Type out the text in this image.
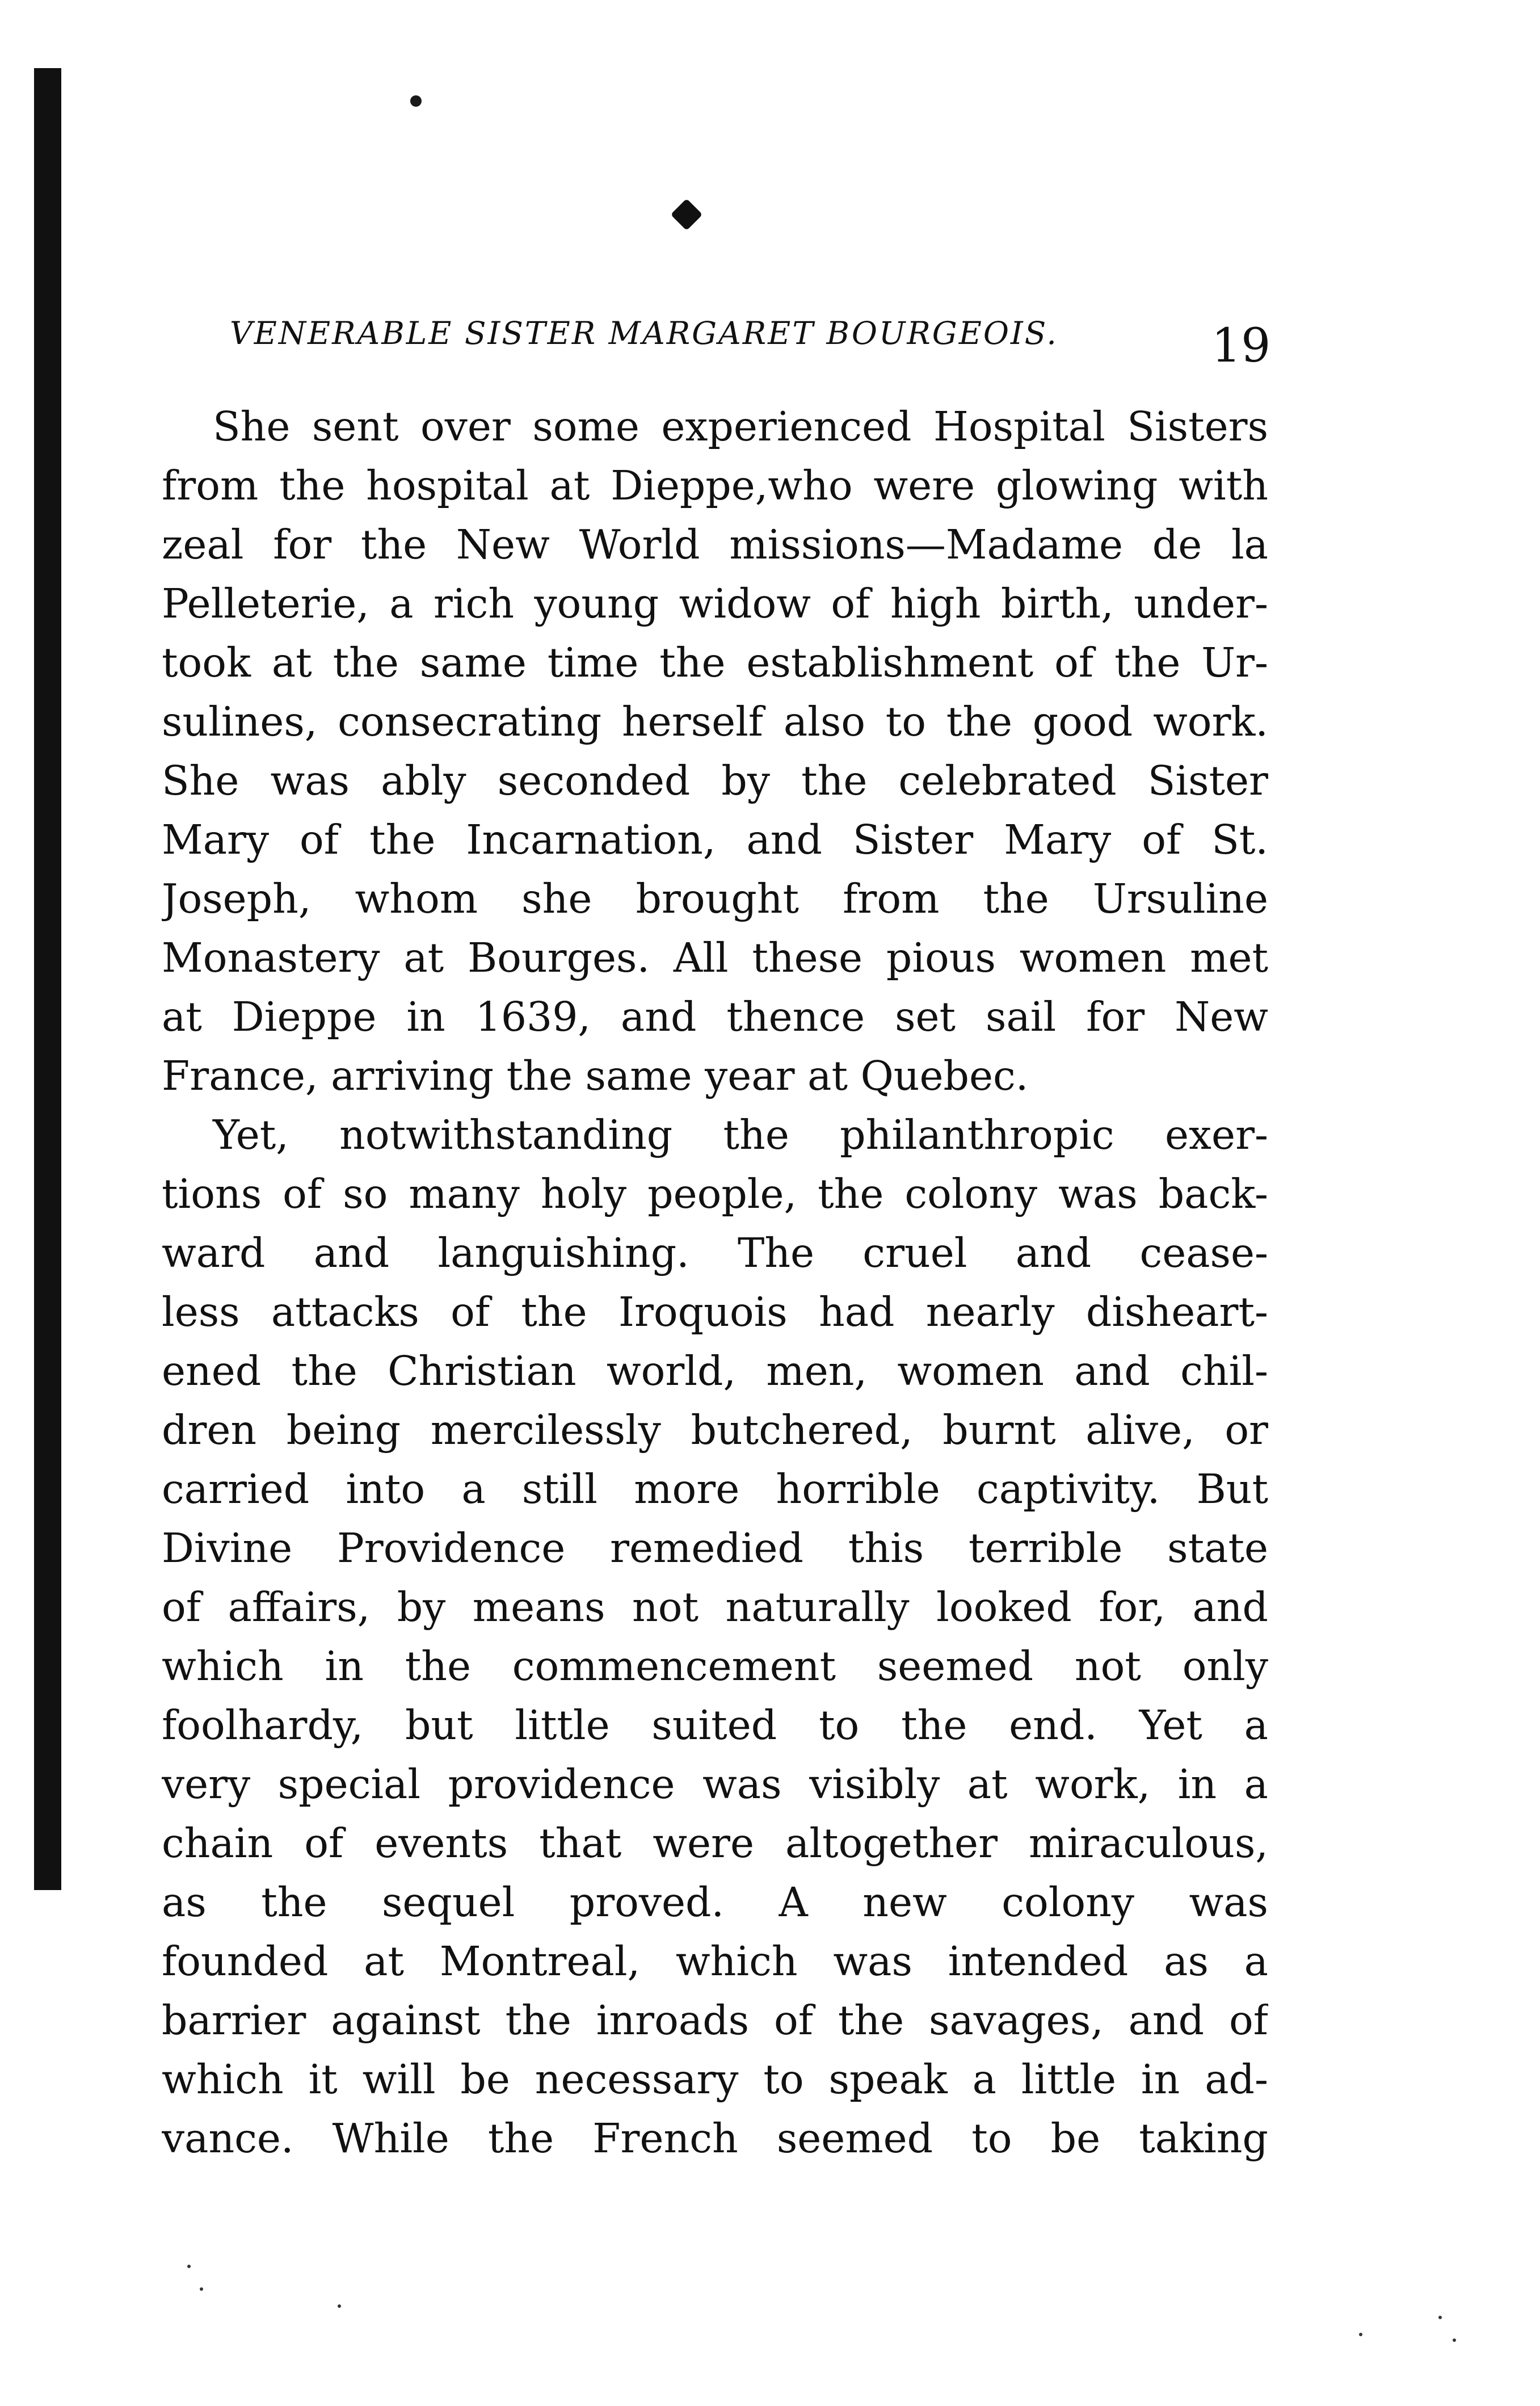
VENERABLE SISTER MARGARET BOURGEOIS.	19
She sent over some experienced Hospital Sisters
from the hospital at Dieppe,who were glowing with
zeal for the New World missions—Madame de la
Pelleterie, a rich young widow of high birth, under-
took at the same time the establishment of the Ur-
sulines, consecrating herself also to the good work.
She was ably seconded by the celebrated Sister
Mary of the Incarnation, and Sister Mary of St.
Joseph, whom she brought from the Ursuline
Monastery at Bourges. All these pious women met
at Dieppe in 1639, and thence set sail for New
France, arriving the same year at Quebec.
Yet, notwithstanding the philanthropic exer-
tions of so many holy people, the colony was back-
ward and languishing. The cruel and cease-
less attacks of the Iroquois had nearly disheart-
ened the Christian world, men, women and chil-
dren being mercilessly butchered, burnt alive, or
carried into a still more horrible captivity. But
Divine Providence remedied this terrible state
of affairs, by means not naturally looked for, and
which in the commencement seemed not only
foolhardy, but little suited to the end. Yet a
very special providence was visibly at work, in a
chain of events that were altogether miraculous,
as the sequel proved. A new colony was
founded at Montreal, which was intended as a
barrier against the inroads of the savages, and of
which it will be necessary to speak a little in ad-
vance. While the French seemed to be taking
